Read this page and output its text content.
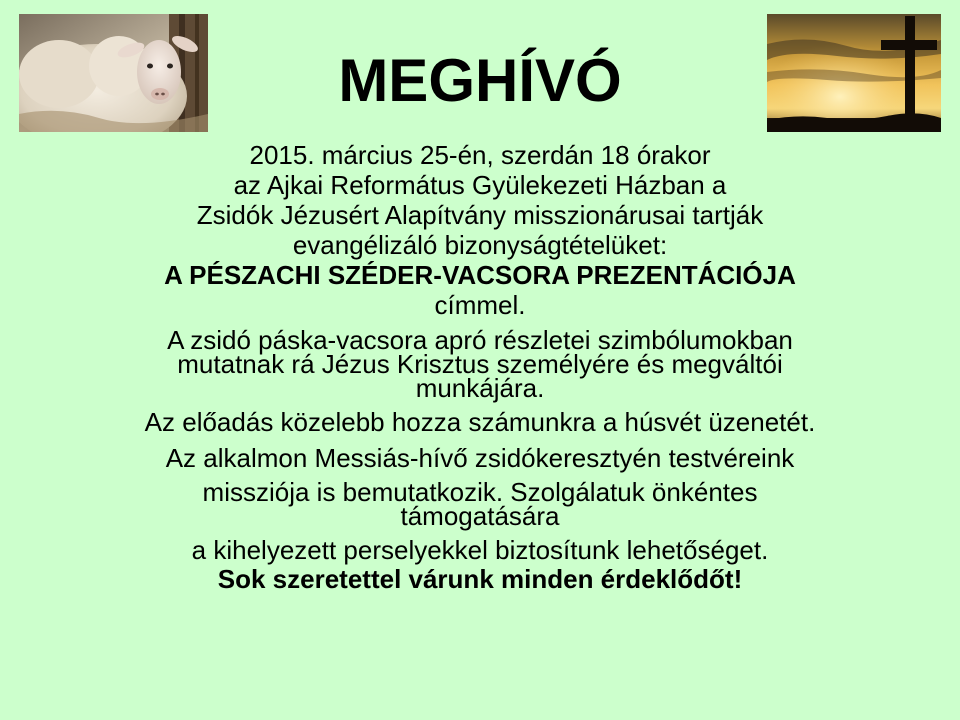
MEGHÍVÓ
2015. március 25-én, szerdán 18 órakor
az Ajkai Református Gyülekezeti Házban a
Zsidók Jézusért Alapítvány misszionárusai tartják
evangélizáló bizonyságtételüket:
A PÉSZACHI SZÉDER-VACSORA PREZENTÁCIÓJA
címmel.
A zsidó páska-vacsora apró részletei szimbólumokban
mutatnak rá Jézus Krisztus személyére és megváltói
munkájára.
Az előadás közelebb hozza számunkra a húsvét üzenetét.
Az alkalmon Messiás-hívő zsidókeresztyén testvéreink
missziója is bemutatkozik. Szolgálatuk önkéntes
támogatására
a kihelyezett perselyekkel biztosítunk lehetőséget.
Sok szeretettel várunk minden érdeklődőt!
